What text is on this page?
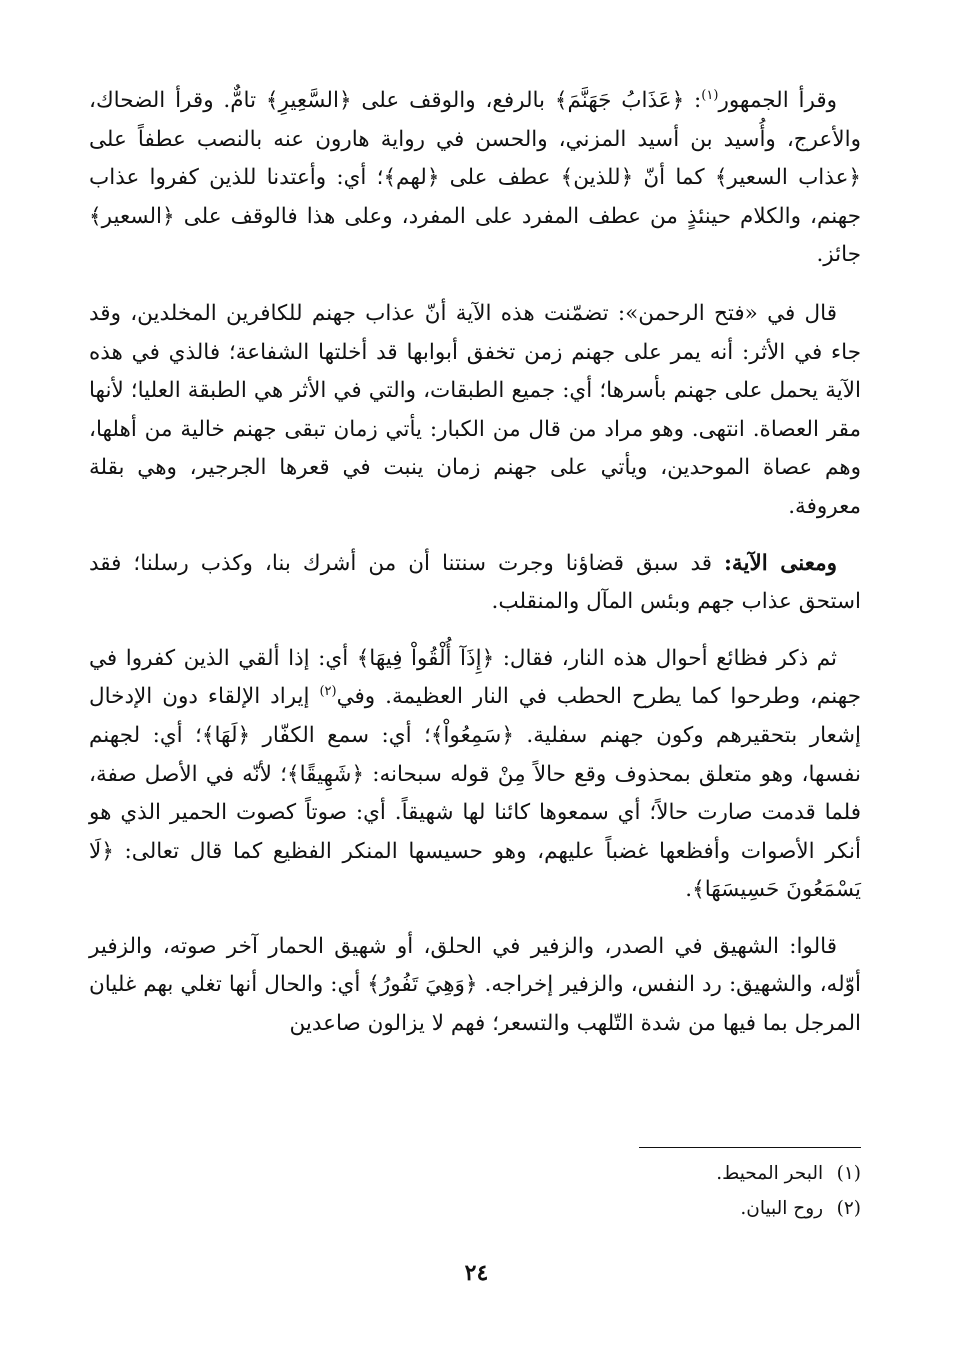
وقرأ الجمهور$^{(١)}$: ﴿عَذَابُ جَهَنَّمَ﴾ بالرفع، والوقف على ﴿السَّعِيرِ﴾ تامٌّ. وقرأ الضحاك، والأعرج، وأُسيد بن أسيد المزني، والحسن في رواية هارون عنه بالنصب عطفاً على ﴿عذاب السعير﴾ كما أنّ ﴿للذين﴾ عطف على ﴿لهم﴾؛ أي: وأعتدنا للذين كفروا عذاب جهنم، والكلام حينئذٍ من عطف المفرد على المفرد، وعلى هذا فالوقف على ﴿السعير﴾ جائز.

قال في «فتح الرحمن»: تضمّنت هذه الآية أنّ عذاب جهنم للكافرين المخلدين، وقد جاء في الأثر: أنه يمر على جهنم زمن تخفق أبوابها قد أخلتها الشفاعة؛ فالذي في هذه الآية يحمل على جهنم بأسرها؛ أي: جميع الطبقات، والتي في الأثر هي الطبقة العليا؛ لأنها مقر العصاة. انتهى. وهو مراد من قال من الكبار: يأتي زمان تبقى جهنم خالية من أهلها، وهم عصاة الموحدين، ويأتي على جهنم زمان ينبت في قعرها الجرجير، وهي بقلة معروفة.

ومعنى الآية: قد سبق قضاؤنا وجرت سنتنا أن من أشرك بنا، وكذب رسلنا؛ فقد استحق عذاب جهم وبئس المآل والمنقلب.

ثم ذكر فظائع أحوال هذه النار، فقال: ﴿إِذَآ أُلْقُواْ فِيهَا﴾ أي: إذا ألقي الذين كفروا في جهنم، وطرحوا كما يطرح الحطب في النار العظيمة. وفي$^{(٢)}$ إيراد الإلقاء دون الإدخال إشعار بتحقيرهم وكون جهنم سفلية. ﴿سَمِعُواْ﴾؛ أي: سمع الكفّار ﴿لَهَا﴾؛ أي: لجهنم نفسها، وهو متعلق بمحذوف وقع حالاً مِنْ قوله سبحانه: ﴿شَهِيقًا﴾؛ لأنّه في الأصل صفة، فلما قدمت صارت حالاً؛ أي سمعوها كائنا لها شهيقاً. أي: صوتاً كصوت الحمير الذي هو أنكر الأصوات وأفظعها غضباً عليهم، وهو حسيسها المنكر الفظيع كما قال تعالى: ﴿لَا يَسْمَعُونَ حَسِيسَهَا﴾.

قالوا: الشهيق في الصدر، والزفير في الحلق، أو شهيق الحمار آخر صوته، والزفير أوّله، والشهيق: رد النفس، والزفير إخراجه. ﴿وَهِيَ تَفُورُ﴾ أي: والحال أنها تغلي بهم غليان المرجل بما فيها من شدة التّلهب والتسعر؛ فهم لا يزالون صاعدين

(١) البحر المحيط.
(٢) روح البيان.
٢٤
